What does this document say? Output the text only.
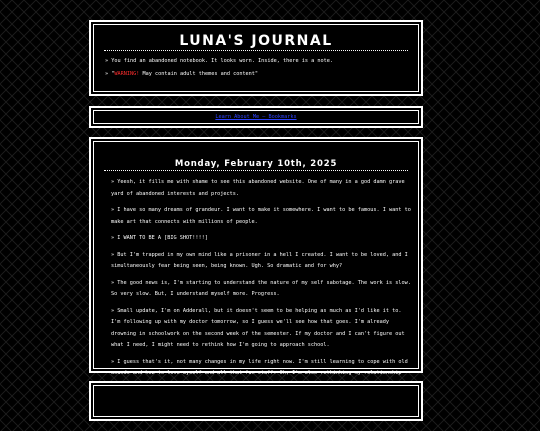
LUNA'S JOURNAL
» You find an abandoned notebook. It looks worn. Inside, there is a note.
» "WARNING! May contain adult themes and content"
Learn About Me – Bookmarks
Monday, February 10th, 2025

» Yeesh, it fills me with shame to see this abandoned website. One of many in a god damn grave yard of abandoned interests and projects.

» I have so many dreams of grandeur. I want to make it somewhere. I want to be famous. I want to make art that connects with millions of people.

» I WANT TO BE A [BIG SHOT!!!!]

» But I'm trapped in my own mind like a prisoner in a hell I created. I want to be loved, and I simultaneously fear being seen, being known. Ugh. So dramatic and for why?

» The good news is, I'm starting to understand the nature of my self sabotage. The work is slow. So very slow. But, I understand myself more. Progress.

» Small update, I'm on Adderall, but it doesn't seem to be helping as much as I'd like it to. I'm following up with my doctor tomorrow, so I guess we'll see how that goes. I'm already drowning in schoolwork on the second week of the semester. If my doctor and I can't figure out what I need, I might need to rethink how I'm going to approach school.

» I guess that's it, not many changes in my life right now. I'm still learning to cope with old wounds and how to love myself and all that fun stuff. Oh, I'm also rethinking my relationship
